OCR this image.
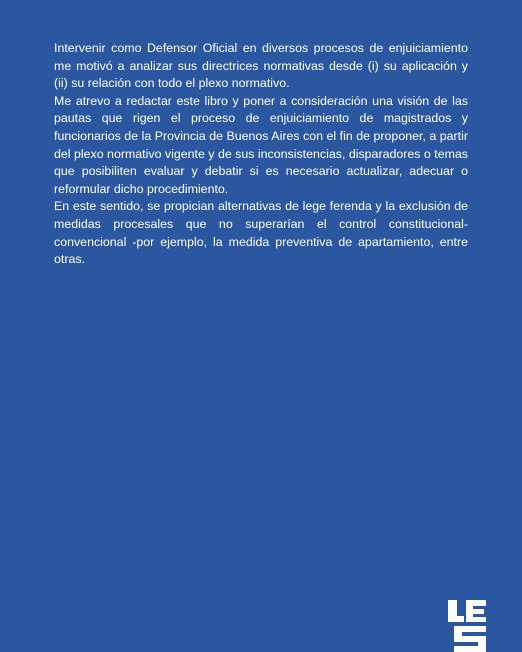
Intervenir como Defensor Oficial en diversos procesos de enjuiciamiento me motivó a analizar sus directrices normativas desde (i) su aplicación y (ii) su relación con todo el plexo normativo.

Me atrevo a redactar este libro y poner a consideración una visión de las pautas que rigen el proceso de enjuiciamiento de magistrados y funcionarios de la Provincia de Buenos Aires con el fin de proponer, a partir del plexo normativo vigente y de sus inconsistencias, disparadores o temas que posibiliten evaluar y debatir si es necesario actualizar, adecuar o reformular dicho procedimiento.

En este sentido, se propician alternativas de lege ferenda y la exclusión de medidas procesales que no superarían el control constitucional-convencional -por ejemplo, la medida preventiva de apartamiento, entre otras.
